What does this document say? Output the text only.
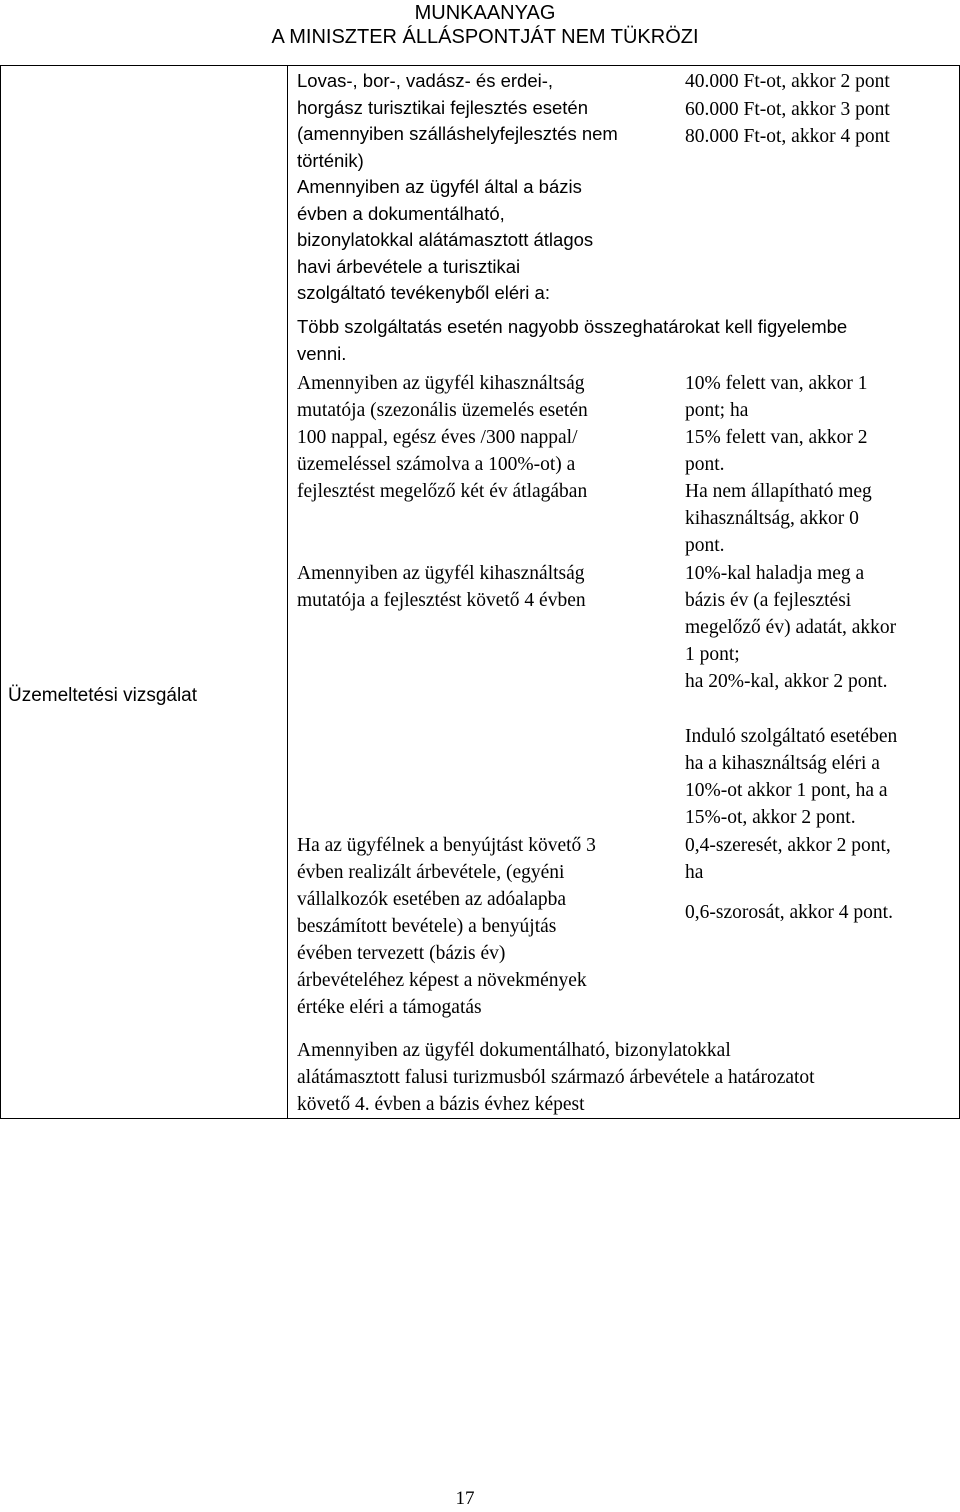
MUNKAANYAG
A MINISZTER ÁLLÁSPONTJÁT NEM TÜKRÖZI
Üzemeltetési vizsgálat
Lovas-, bor-, vadász- és erdei-,
horgász turisztikai fejlesztés esetén
(amennyiben szálláshelyfejlesztés nem
történik)
Amennyiben az ügyfél által a bázis
évben a dokumentálható,
bizonylatokkal alátámasztott átlagos
havi árbevétele a turisztikai
szolgáltató tevékenyből eléri a:
40.000 Ft-ot, akkor 2 pont
60.000 Ft-ot, akkor 3 pont
80.000 Ft-ot, akkor 4 pont
Több szolgáltatás esetén nagyobb összeghatárokat kell figyelembe
venni.
Amennyiben az ügyfél kihasználtság
mutatója (szezonális üzemelés esetén
100 nappal, egész éves /300 nappal/
üzemeléssel számolva a 100%-ot) a
fejlesztést megelőző két év átlagában
10% felett van, akkor 1
pont; ha
15% felett van, akkor 2
pont.
Ha nem állapítható meg
kihasználtság, akkor 0
pont.
Amennyiben az ügyfél kihasználtság
mutatója a fejlesztést követő 4 évben
10%-kal haladja meg a
bázis év (a fejlesztési
megelőző év) adatát, akkor
1 pont;
ha 20%-kal, akkor 2 pont.
Induló szolgáltató esetében
ha a kihasználtság eléri a
10%-ot akkor 1 pont, ha a
15%-ot, akkor 2 pont.
Ha az ügyfélnek a benyújtást követő 3
évben realizált árbevétele, (egyéni
vállalkozók esetében az adóalapba
beszámított bevétele) a benyújtás
évében tervezett (bázis év)
árbevételéhez képest a növekmények
értéke eléri a támogatás
0,4-szeresét, akkor 2 pont,
ha
0,6-szorosát, akkor 4 pont.
Amennyiben az ügyfél dokumentálható, bizonylatokkal
alátámasztott falusi turizmusból származó árbevétele a határozatot
követő 4. évben a bázis évhez képest
17
